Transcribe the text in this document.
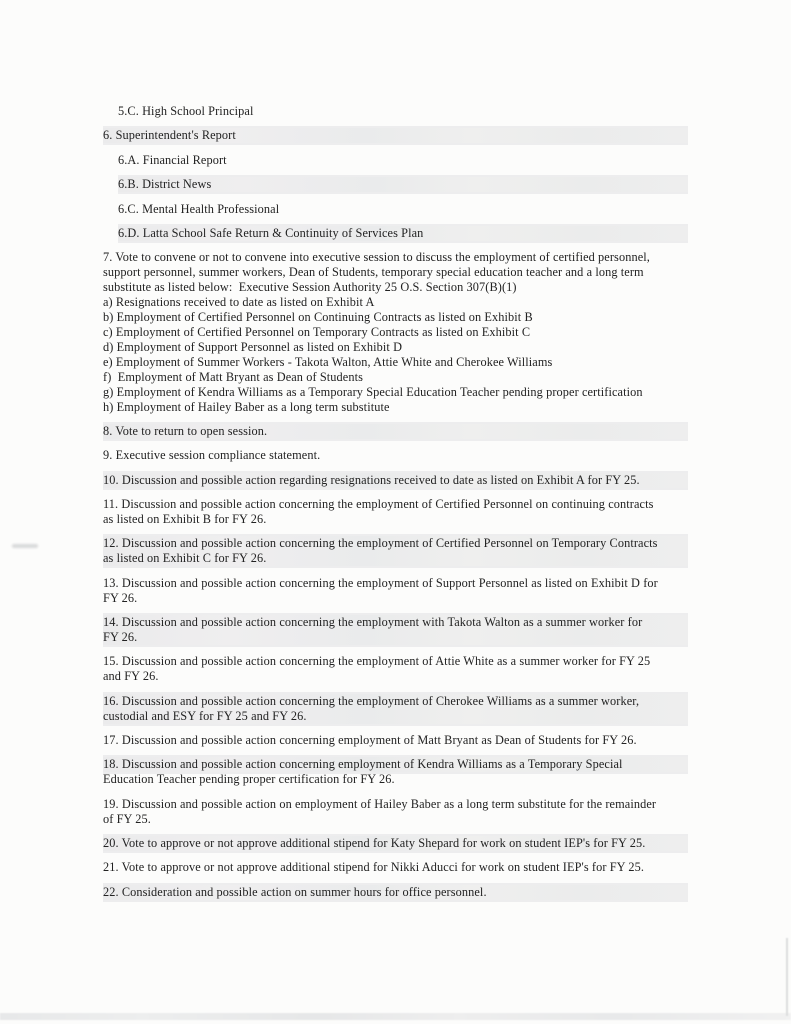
5.C. High School Principal
6. Superintendent's Report
6.A. Financial Report
6.B. District News
6.C. Mental Health Professional
6.D. Latta School Safe Return & Continuity of Services Plan
7. Vote to convene or not to convene into executive session to discuss the employment of certified personnel,
support personnel, summer workers, Dean of Students, temporary special education teacher and a long term
substitute as listed below:  Executive Session Authority 25 O.S. Section 307(B)(1)
a) Resignations received to date as listed on Exhibit A
b) Employment of Certified Personnel on Continuing Contracts as listed on Exhibit B
c) Employment of Certified Personnel on Temporary Contracts as listed on Exhibit C
d) Employment of Support Personnel as listed on Exhibit D
e) Employment of Summer Workers - Takota Walton, Attie White and Cherokee Williams
f)  Employment of Matt Bryant as Dean of Students
g) Employment of Kendra Williams as a Temporary Special Education Teacher pending proper certification
h) Employment of Hailey Baber as a long term substitute
8. Vote to return to open session.
9. Executive session compliance statement.
10. Discussion and possible action regarding resignations received to date as listed on Exhibit A for FY 25.
11. Discussion and possible action concerning the employment of Certified Personnel on continuing contracts
as listed on Exhibit B for FY 26.
12. Discussion and possible action concerning the employment of Certified Personnel on Temporary Contracts
as listed on Exhibit C for FY 26.
13. Discussion and possible action concerning the employment of Support Personnel as listed on Exhibit D for
FY 26.
14. Discussion and possible action concerning the employment with Takota Walton as a summer worker for
FY 26.
15. Discussion and possible action concerning the employment of Attie White as a summer worker for FY 25
and FY 26.
16. Discussion and possible action concerning the employment of Cherokee Williams as a summer worker,
custodial and ESY for FY 25 and FY 26.
17. Discussion and possible action concerning employment of Matt Bryant as Dean of Students for FY 26.
18. Discussion and possible action concerning employment of Kendra Williams as a Temporary Special
Education Teacher pending proper certification for FY 26.
19. Discussion and possible action on employment of Hailey Baber as a long term substitute for the remainder
of FY 25.
20. Vote to approve or not approve additional stipend for Katy Shepard for work on student IEP's for FY 25.
21. Vote to approve or not approve additional stipend for Nikki Aducci for work on student IEP's for FY 25.
22. Consideration and possible action on summer hours for office personnel.
